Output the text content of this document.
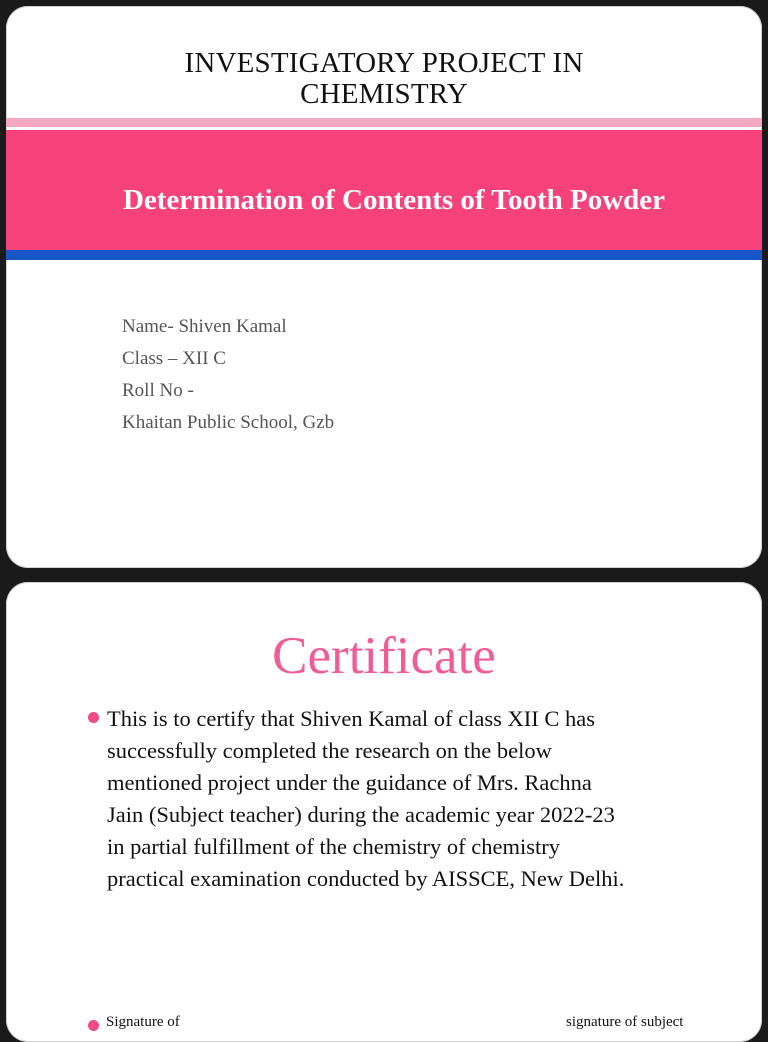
INVESTIGATORY PROJECT IN
CHEMISTRY
Determination of Contents of Tooth Powder
Name- Shiven Kamal
Class – XII C
Roll No -
Khaitan Public School, Gzb
Certificate
This is to certify that Shiven Kamal of class XII C has
successfully completed the research on the below
mentioned project under the guidance of Mrs. Rachna
Jain (Subject teacher) during the academic year 2022-23
in partial fulfillment of the chemistry of chemistry
practical examination conducted by AISSCE, New Delhi.
Signature of	signature of subject
